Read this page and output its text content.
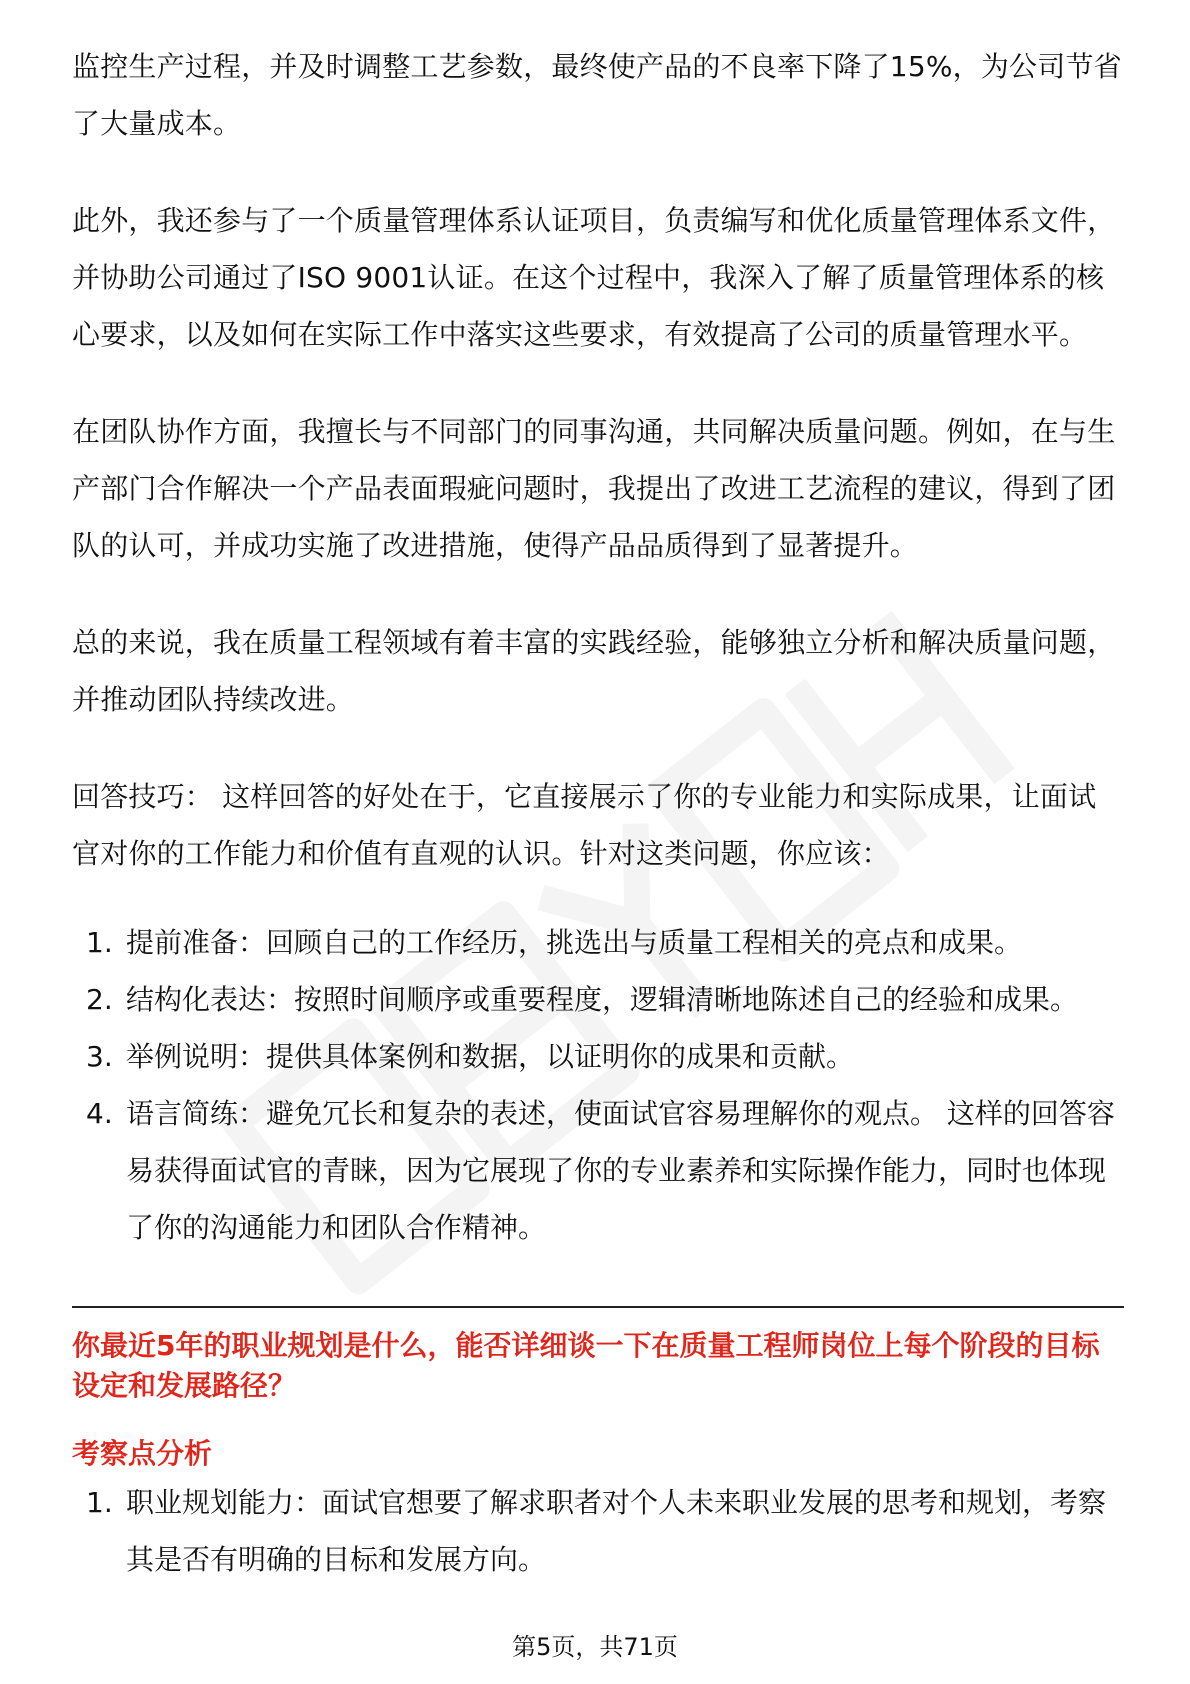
监控生产过程，并及时调整工艺参数，最终使产品的不良率下降了15%，为公司节省了大量成本。

此外，我还参与了一个质量管理体系认证项目，负责编写和优化质量管理体系文件，并协助公司通过了ISO 9001认证。在这个过程中，我深入了解了质量管理体系的核心要求，以及如何在实际工作中落实这些要求，有效提高了公司的质量管理水平。

在团队协作方面，我擅长与不同部门的同事沟通，共同解决质量问题。例如，在与生产部门合作解决一个产品表面瑕疵问题时，我提出了改进工艺流程的建议，得到了团队的认可，并成功实施了改进措施，使得产品品质得到了显著提升。

总的来说，我在质量工程领域有着丰富的实践经验，能够独立分析和解决质量问题，并推动团队持续改进。

回答技巧： 这样回答的好处在于，它直接展示了你的专业能力和实际成果，让面试官对你的工作能力和价值有直观的认识。针对这类问题，你应该：

1. 提前准备：回顾自己的工作经历，挑选出与质量工程相关的亮点和成果。
2. 结构化表达：按照时间顺序或重要程度，逻辑清晰地陈述自己的经验和成果。
3. 举例说明：提供具体案例和数据，以证明你的成果和贡献。
4. 语言简练：避免冗长和复杂的表述，使面试官容易理解你的观点。 这样的回答容易获得面试官的青睐，因为它展现了你的专业素养和实际操作能力，同时也体现了你的沟通能力和团队合作精神。
你最近5年的职业规划是什么，能否详细谈一下在质量工程师岗位上每个阶段的目标设定和发展路径？
考察点分析
1. 职业规划能力：面试官想要了解求职者对个人未来职业发展的思考和规划，考察其是否有明确的目标和发展方向。
第5页，共71页
